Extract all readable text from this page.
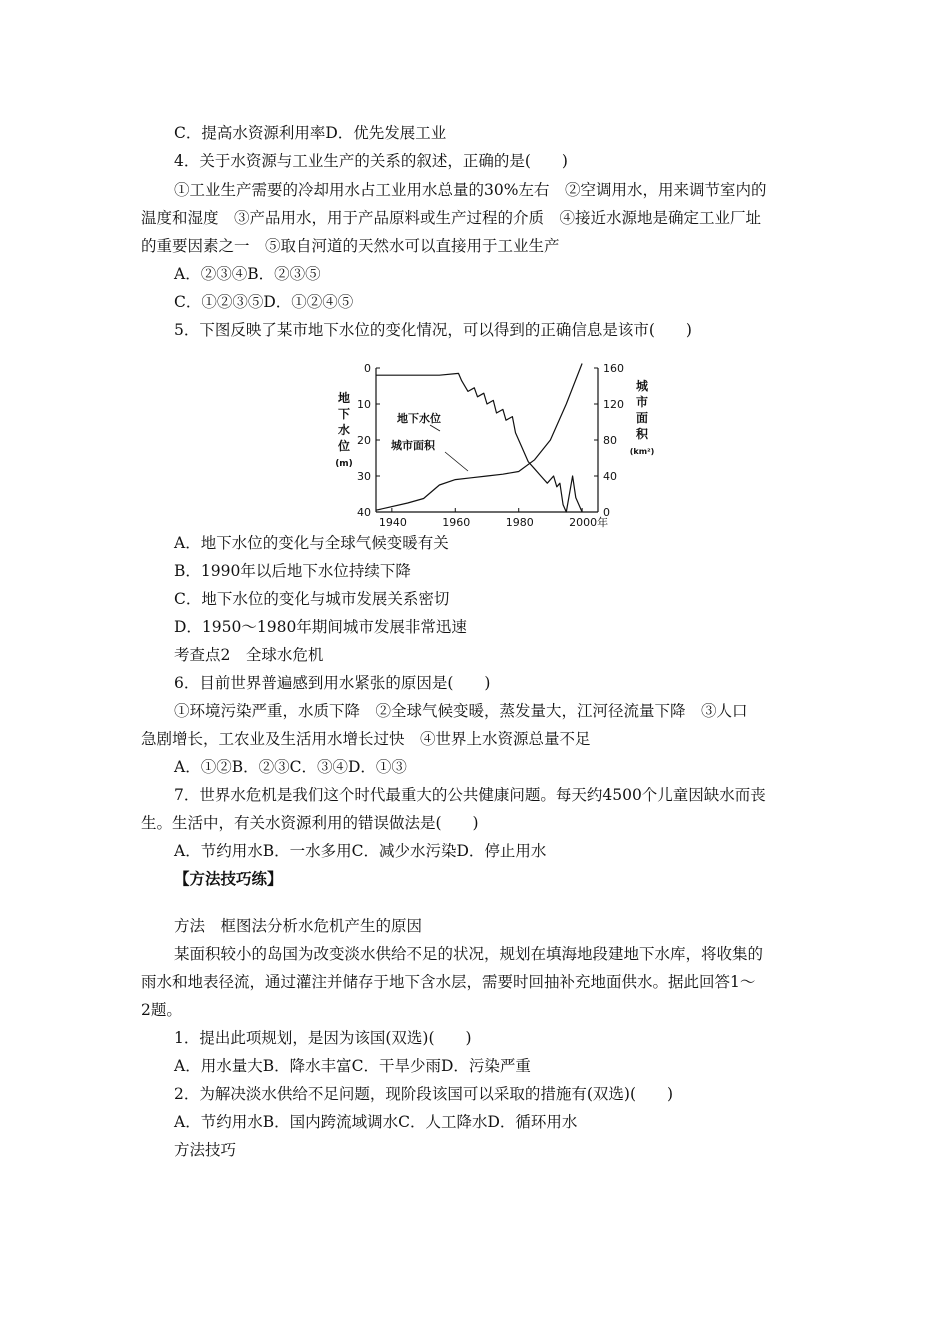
C．提高水资源利用率D．优先发展工业
4．关于水资源与工业生产的关系的叙述，正确的是(　　)
①工业生产需要的冷却用水占工业用水总量的30%左右　②空调用水，用来调节室内的
温度和湿度　③产品用水，用于产品原料或生产过程的介质　④接近水源地是确定工业厂址
的重要因素之一　⑤取自河道的天然水可以直接用于工业生产
A．②③④B．②③⑤
C．①②③⑤D．①②④⑤
5．下图反映了某市地下水位的变化情况，可以得到的正确信息是该市(　　)
地
下
水
位
(m)
城
市
面
积
(km²)
0
10
20
30
40
160
120
80
40
0
1940	1960	1980	2000年
地下水位
城市面积
A．地下水位的变化与全球气候变暖有关
B．1990年以后地下水位持续下降
C．地下水位的变化与城市发展关系密切
D．1950～1980年期间城市发展非常迅速
考查点2　全球水危机
6．目前世界普遍感到用水紧张的原因是(　　)
①环境污染严重，水质下降　②全球气候变暖，蒸发量大，江河径流量下降　③人口
急剧增长，工农业及生活用水增长过快　④世界上水资源总量不足
A．①②B．②③C．③④D．①③
7．世界水危机是我们这个时代最重大的公共健康问题。每天约4500个儿童因缺水而丧
生。生活中，有关水资源利用的错误做法是(　　)
A．节约用水B．一水多用C．减少水污染D．停止用水
【方法技巧练】
方法　框图法分析水危机产生的原因
某面积较小的岛国为改变淡水供给不足的状况，规划在填海地段建地下水库，将收集的
雨水和地表径流，通过灌注并储存于地下含水层，需要时回抽补充地面供水。据此回答1～
2题。
1．提出此项规划，是因为该国(双选)(　　)
A．用水量大B．降水丰富C．干旱少雨D．污染严重
2．为解决淡水供给不足问题，现阶段该国可以采取的措施有(双选)(　　)
A．节约用水B．国内跨流域调水C．人工降水D．循环用水
方法技巧
